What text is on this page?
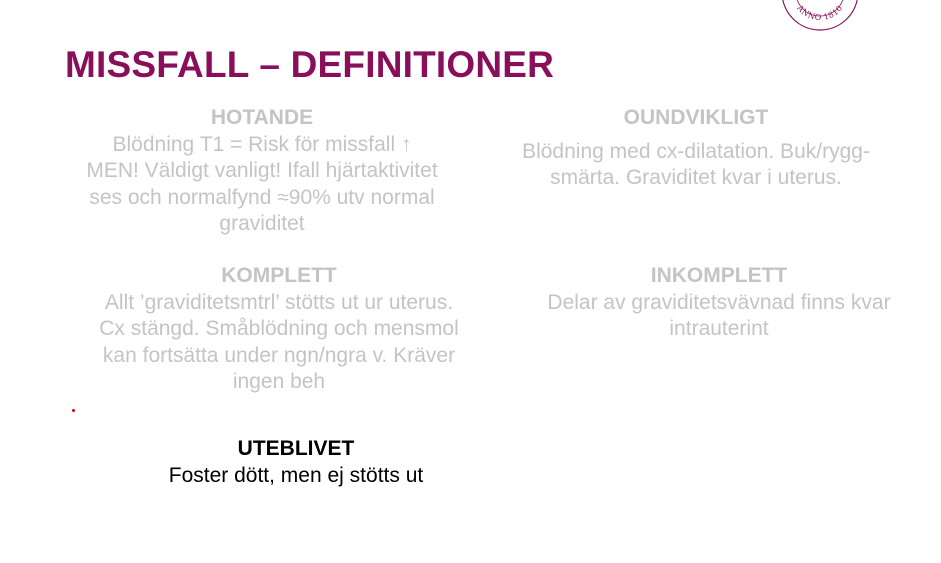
ANNO 1810
MISSFALL – DEFINITIONER
HOTANDE
Blödning T1 = Risk för missfall ↑
MEN! Väldigt vanligt! Ifall hjärtaktivitet
ses och normalfynd ≈90% utv normal
graviditet
OUNDVIKLIGT
Blödning med cx-dilatation. Buk/rygg-
smärta. Graviditet kvar i uterus.
KOMPLETT
Allt ’graviditetsmtrl’ stötts ut ur uterus.
Cx stängd. Småblödning och mensmol
kan fortsätta under ngn/ngra v. Kräver
ingen beh
INKOMPLETT
Delar av graviditetsvävnad finns kvar
intrauterint
UTEBLIVET
Foster dött, men ej stötts ut
